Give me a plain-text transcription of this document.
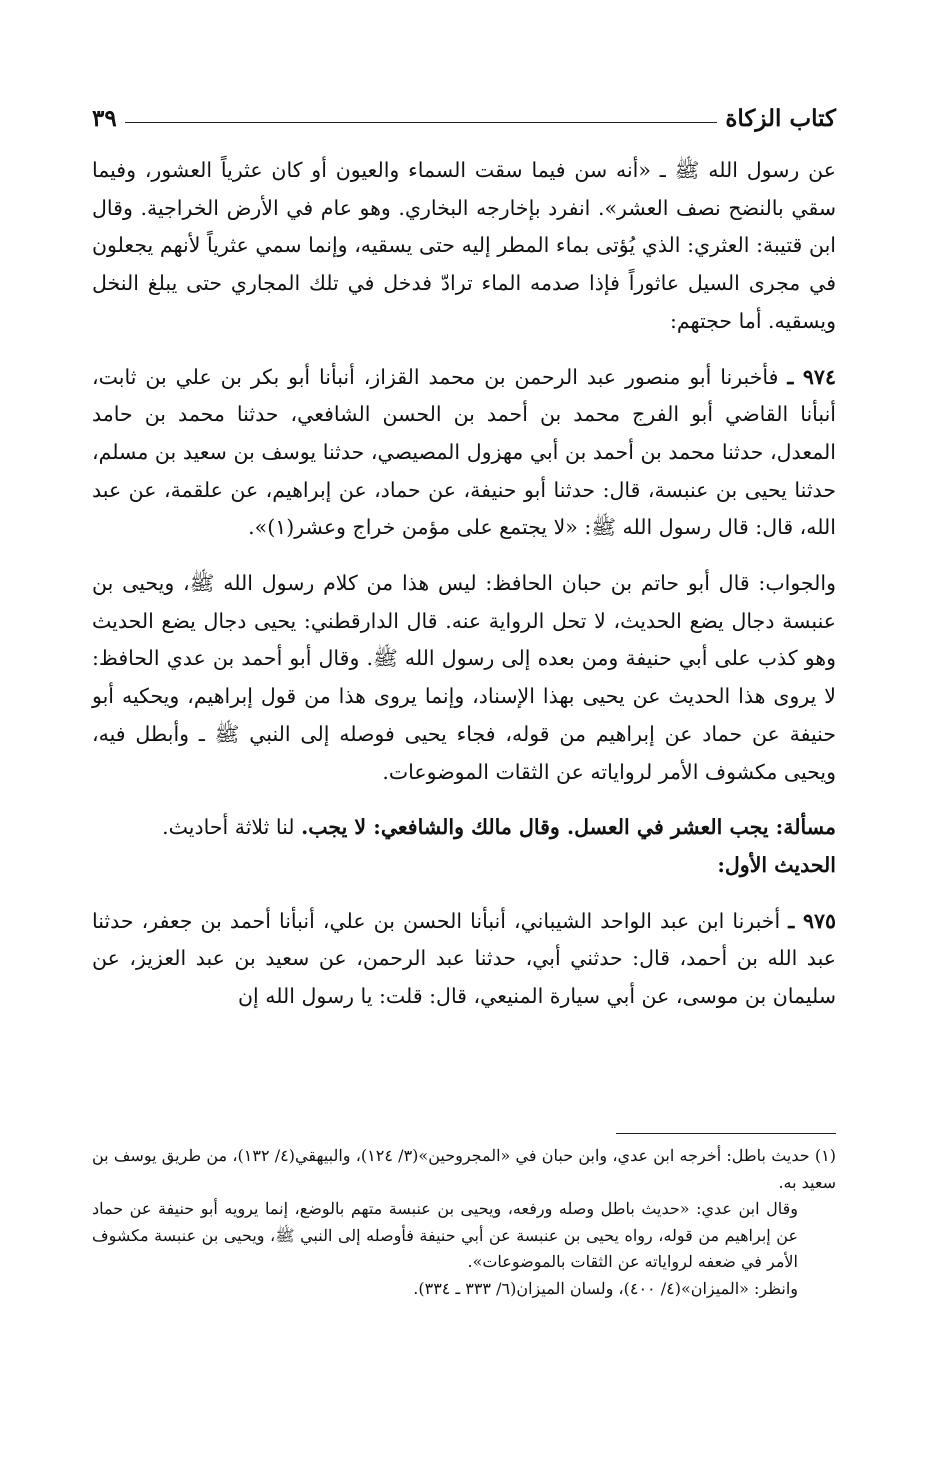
كتاب الزكاة
٣٩

عن رسول الله ﷺ ـ «أنه سن فيما سقت السماء والعيون أو كان عثرياً العشور، وفيما سقي بالنضح نصف العشر». انفرد بإخارجه البخاري. وهو عام في الأرض الخراجية. وقال ابن قتيبة: العثري: الذي يُؤتى بماء المطر إليه حتى يسقيه، وإنما سمي عثرياً لأنهم يجعلون في مجرى السيل عاثوراً فإذا صدمه الماء ترادّ فدخل في تلك المجاري حتى يبلغ النخل ويسقيه. أما حجتهم:

٩٧٤ ـ فأخبرنا أبو منصور عبد الرحمن بن محمد القزاز، أنبأنا أبو بكر بن علي بن ثابت، أنبأنا القاضي أبو الفرج محمد بن أحمد بن الحسن الشافعي، حدثنا محمد بن حامد المعدل، حدثنا محمد بن أحمد بن أبي مهزول المصيصي، حدثنا يوسف بن سعيد بن مسلم، حدثنا يحيى بن عنبسة، قال: حدثنا أبو حنيفة، عن حماد، عن إبراهيم، عن علقمة، عن عبد الله، قال: قال رسول الله ﷺ: «لا يجتمع على مؤمن خراج وعشر(١)».

والجواب: قال أبو حاتم بن حبان الحافظ: ليس هذا من كلام رسول الله ﷺ، ويحيى بن عنبسة دجال يضع الحديث، لا تحل الرواية عنه. قال الدارقطني: يحيى دجال يضع الحديث وهو كذب على أبي حنيفة ومن بعده إلى رسول الله ﷺ. وقال أبو أحمد بن عدي الحافظ: لا يروى هذا الحديث عن يحيى بهذا الإسناد، وإنما يروى هذا من قول إبراهيم، ويحكيه أبو حنيفة عن حماد عن إبراهيم من قوله، فجاء يحيى فوصله إلى النبي ﷺ ـ وأبطل فيه، ويحيى مكشوف الأمر لرواياته عن الثقات الموضوعات.

مسألة: يجب العشر في العسل. وقال مالك والشافعي: لا يجب. لنا ثلاثة أحاديث.
الحديث الأول:

٩٧٥ ـ أخبرنا ابن عبد الواحد الشيباني، أنبأنا الحسن بن علي، أنبأنا أحمد بن جعفر، حدثنا عبد الله بن أحمد، قال: حدثني أبي، حدثنا عبد الرحمن، عن سعيد بن عبد العزيز، عن سليمان بن موسى، عن أبي سيارة المنيعي، قال: قلت: يا رسول الله إن

(١) حديث باطل: أخرجه ابن عدي، وابن حبان في «المجروحين»(٣/ ١٢٤)، والبيهقي(٤/ ١٣٢)، من طريق يوسف بن سعيد به.

وقال ابن عدي: «حديث باطل وصله ورفعه، ويحيى بن عنبسة متهم بالوضع، إنما يرويه أبو حنيفة عن حماد عن إبراهيم من قوله، رواه يحيى بن عنبسة عن أبي حنيفة فأوصله إلى النبي ﷺ، ويحيى بن عنبسة مكشوف الأمر في ضعفه لرواياته عن الثقات بالموضوعات».

وانظر: «الميزان»(٤/ ٤٠٠)، ولسان الميزان(٦/ ٣٣٣ ـ ٣٣٤).
